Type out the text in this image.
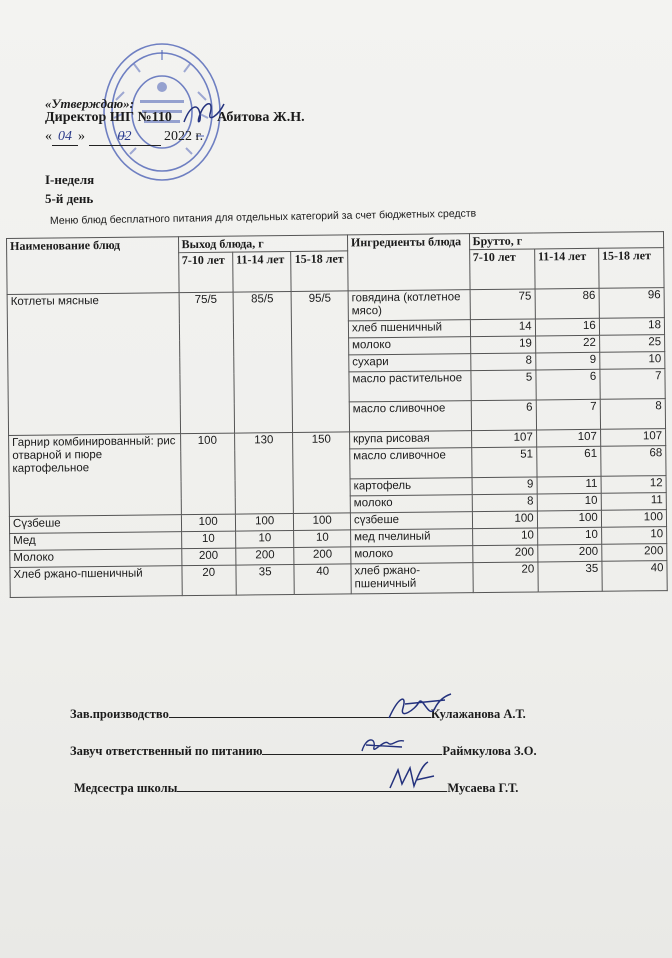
«Утверждаю»:
Директор ШГ №110	Абитова Ж.Н.
« 04 » 02 2022 г.
I-неделя
5-й день
Меню блюд бесплатного питания для отдельных категорий за счет бюджетных средств
Наименование блюд	Выход блюда, г			Ингредиенты блюда	Брутто, г		
	7-10 лет	11-14 лет	15-18 лет		7-10 лет	11-14 лет	15-18 лет
Котлеты мясные	75/5	85/5	95/5	говядина (котлетное мясо)	75	86	96
				хлеб пшеничный	14	16	18
				молоко	19	22	25
				сухари	8	9	10
				масло растительное	5	6	7
				масло сливочное	6	7	8
Гарнир комбинированный: рис отварной и пюре картофельное	100	130	150	крупа рисовая	107	107	107
				масло сливочное	51	61	68
				картофель	9	11	12
				молоко	8	10	11
Сүзбеше	100	100	100	сүзбеше	100	100	100
Мед	10	10	10	мед пчелиный	10	10	10
Молоко	200	200	200	молоко	200	200	200
Хлеб ржано-пшеничный	20	35	40	хлеб ржано-пшеничный	20	35	40
Зав.производство	Кулажанова А.Т.
Завуч ответственный по питанию	Раймкулова З.О.
Медсестра школы	Мусаева Г.Т.
